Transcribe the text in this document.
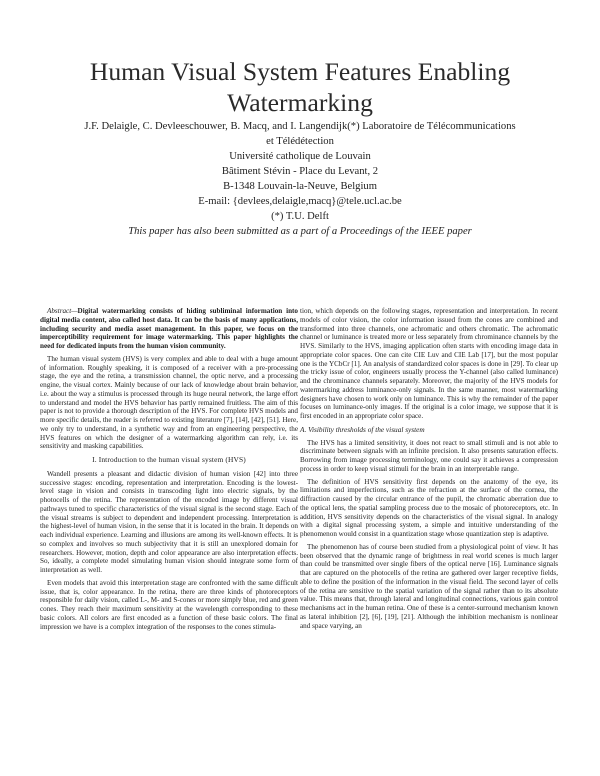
Human Visual System Features Enabling
Watermarking
J.F. Delaigle, C. Devleeschouwer, B. Macq, and I. Langendijk(*) Laboratoire de Télécommunications
et Télédétection
Université catholique de Louvain
Bâtiment Stévin - Place du Levant, 2
B-1348 Louvain-la-Neuve, Belgium
E-mail: {devlees,delaigle,macq}@tele.ucl.ac.be
(*) T.U. Delft
This paper has also been submitted as a part of a Proceedings of the IEEE paper

Abstract—Digital watermarking consists of hiding subliminal information into digital media content, also called host data. It can be the basis of many applications, including security and media asset management. In this paper, we focus on the imperceptibility requirement for image watermarking. This paper highlights the need for dedicated inputs from the human vision community.

The human visual system (HVS) is very complex and able to deal with a huge amount of information. Roughly speaking, it is composed of a receiver with a pre-processing stage, the eye and the retina, a transmission channel, the optic nerve, and a processing engine, the visual cortex. Mainly because of our lack of knowledge about brain behavior, i.e. about the way a stimulus is processed through its huge neural network, the large effort to understand and model the HVS behavior has partly remained fruitless. The aim of this paper is not to provide a thorough description of the HVS. For complete HVS models and more specific details, the reader is referred to existing literature [7], [14], [42], [51]. Here, we only try to understand, in a synthetic way and from an engineering perspective, the HVS features on which the designer of a watermarking algorithm can rely, i.e. its sensitivity and masking capabilities.

I. Introduction to the human visual system (HVS)

Wandell presents a pleasant and didactic division of human vision [42] into three successive stages: encoding, representation and interpretation. Encoding is the lowest-level stage in vision and consists in transcoding light into electric signals, by the photocells of the retina. The representation of the encoded image by different visual pathways tuned to specific characteristics of the visual signal is the second stage. Each of the visual streams is subject to dependent and independent processing. Interpretation is the highest-level of human vision, in the sense that it is located in the brain. It depends on each individual experience. Learning and illusions are among its well-known effects. It is so complex and involves so much subjectivity that it is still an unexplored domain for researchers. However, motion, depth and color appearance are also interpretation effects. So, ideally, a complete model simulating human vision should integrate some form of interpretation as well.

Even models that avoid this interpretation stage are confronted with the same difficult issue, that is, color appearance. In the retina, there are three kinds of photoreceptors responsible for daily vision, called L-, M- and S-cones or more simply blue, red and green cones. They reach their maximum sensitivity at the wavelength corresponding to these basic colors. All colors are first encoded as a function of these basic colors. The final impression we have is a complex integration of the responses to the cones stimula-

tion, which depends on the following stages, representation and interpretation. In recent models of color vision, the color information issued from the cones are combined and transformed into three channels, one achromatic and others chromatic. The achromatic channel or luminance is treated more or less separately from chrominance channels by the HVS. Similarly to the HVS, imaging application often starts with encoding image data in appropriate color spaces. One can cite CIE Luv and CIE Lab [17], but the most popular one is the YCbCr [1]. An analysis of standardized color spaces is done in [29]. To clear up the tricky issue of color, engineers usually process the Y-channel (also called luminance) and the chrominance channels separately. Moreover, the majority of the HVS models for watermarking address luminance-only signals. In the same manner, most watermarking designers have chosen to work only on luminance. This is why the remainder of the paper focuses on luminance-only images. If the original is a color image, we suppose that it is first encoded in an appropriate color space.

A. Visibility thresholds of the visual system

The HVS has a limited sensitivity, it does not react to small stimuli and is not able to discriminate between signals with an infinite precision. It also presents saturation effects. Borrowing from image processing terminology, one could say it achieves a compression process in order to keep visual stimuli for the brain in an interpretable range.

The definition of HVS sensitivity first depends on the anatomy of the eye, its limitations and imperfections, such as the refraction at the surface of the cornea, the diffraction caused by the circular entrance of the pupil, the chromatic aberration due to the optical lens, the spatial sampling process due to the mosaic of photoreceptors, etc. In addition, HVS sensitivity depends on the characteristics of the visual signal. In analogy with a digital signal processing system, a simple and intuitive understanding of the phenomenon would consist in a quantization stage whose quantization step is adaptive.

The phenomenon has of course been studied from a physiological point of view. It has been observed that the dynamic range of brightness in real world scenes is much larger than could be transmitted over single fibers of the optical nerve [16]. Luminance signals that are captured on the photocells of the retina are gathered over larger receptive fields, able to define the position of the information in the visual field. The second layer of cells of the retina are sensitive to the spatial variation of the signal rather than to its absolute value. This means that, through lateral and longitudinal connections, various gain control mechanisms act in the human retina. One of these is a center-surround mechanism known as lateral inhibition [2], [6], [19], [21]. Although the inhibition mechanism is nonlinear and space varying, an
